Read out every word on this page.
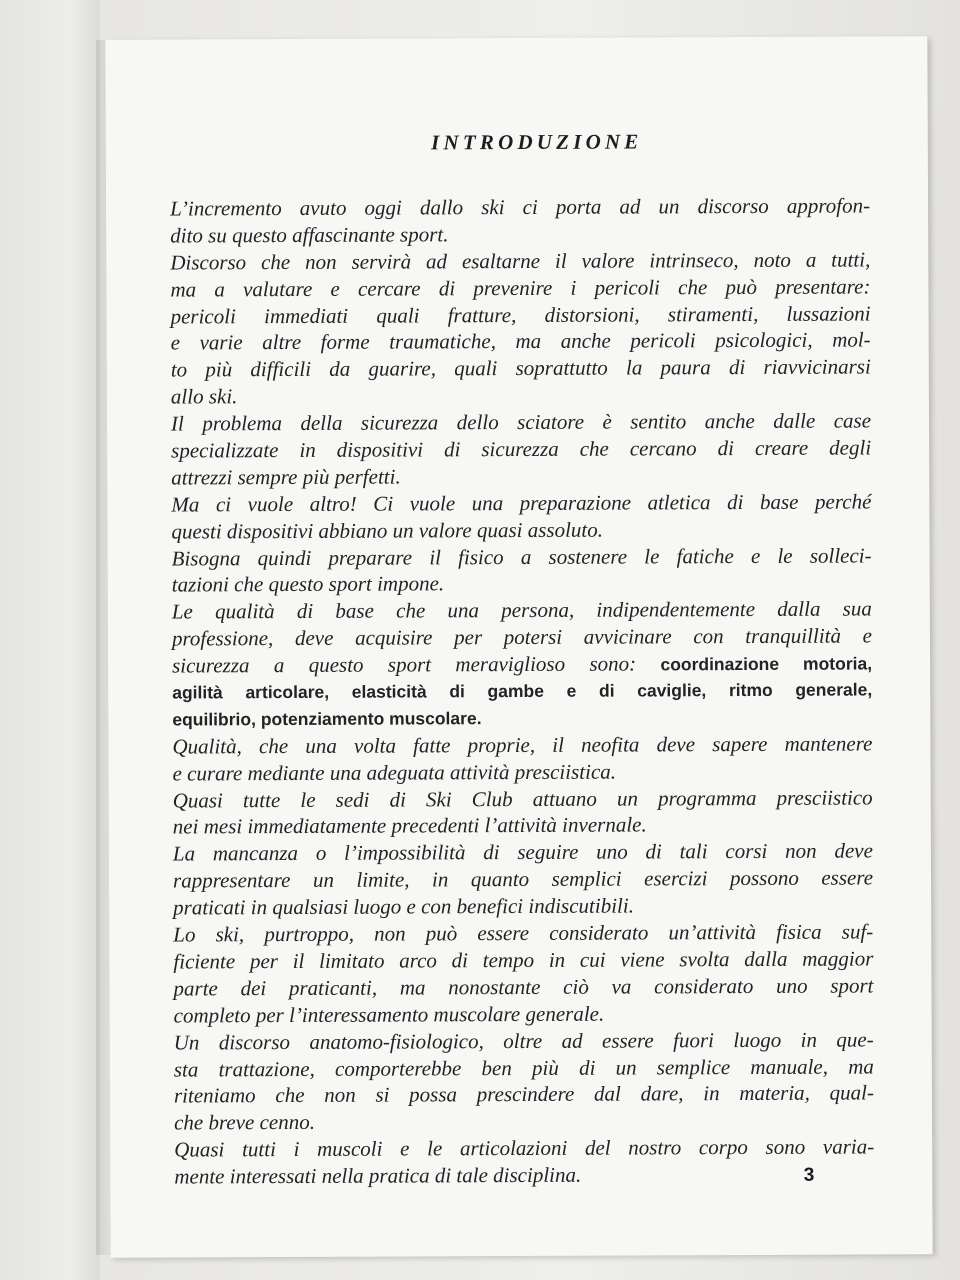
INTRODUZIONE
L’incremento avuto oggi dallo ski ci porta ad un discorso approfon-
dito su questo affascinante sport.
Discorso che non servirà ad esaltarne il valore intrinseco, noto a tutti,
ma a valutare e cercare di prevenire i pericoli che può presentare:
pericoli immediati quali fratture, distorsioni, stiramenti, lussazioni
e varie altre forme traumatiche, ma anche pericoli psicologici, mol-
to più difficili da guarire, quali soprattutto la paura di riavvicinarsi
allo ski.
Il problema della sicurezza dello sciatore è sentito anche dalle case
specializzate in dispositivi di sicurezza che cercano di creare degli
attrezzi sempre più perfetti.
Ma ci vuole altro! Ci vuole una preparazione atletica di base perché
questi dispositivi abbiano un valore quasi assoluto.
Bisogna quindi preparare il fisico a sostenere le fatiche e le solleci-
tazioni che questo sport impone.
Le qualità di base che una persona, indipendentemente dalla sua
professione, deve acquisire per potersi avvicinare con tranquillità e
sicurezza a questo sport meraviglioso sono: coordinazione motoria,
agilità articolare, elasticità di gambe e di caviglie, ritmo generale,
equilibrio, potenziamento muscolare.
Qualità, che una volta fatte proprie, il neofita deve sapere mantenere
e curare mediante una adeguata attività presciistica.
Quasi tutte le sedi di Ski Club attuano un programma presciistico
nei mesi immediatamente precedenti l’attività invernale.
La mancanza o l’impossibilità di seguire uno di tali corsi non deve
rappresentare un limite, in quanto semplici esercizi possono essere
praticati in qualsiasi luogo e con benefici indiscutibili.
Lo ski, purtroppo, non può essere considerato un’attività fisica suf-
ficiente per il limitato arco di tempo in cui viene svolta dalla maggior
parte dei praticanti, ma nonostante ciò va considerato uno sport
completo per l’interessamento muscolare generale.
Un discorso anatomo-fisiologico, oltre ad essere fuori luogo in que-
sta trattazione, comporterebbe ben più di un semplice manuale, ma
riteniamo che non si possa prescindere dal dare, in materia, qual-
che breve cenno.
Quasi tutti i muscoli e le articolazioni del nostro corpo sono varia-
mente interessati nella pratica di tale disciplina.	3
